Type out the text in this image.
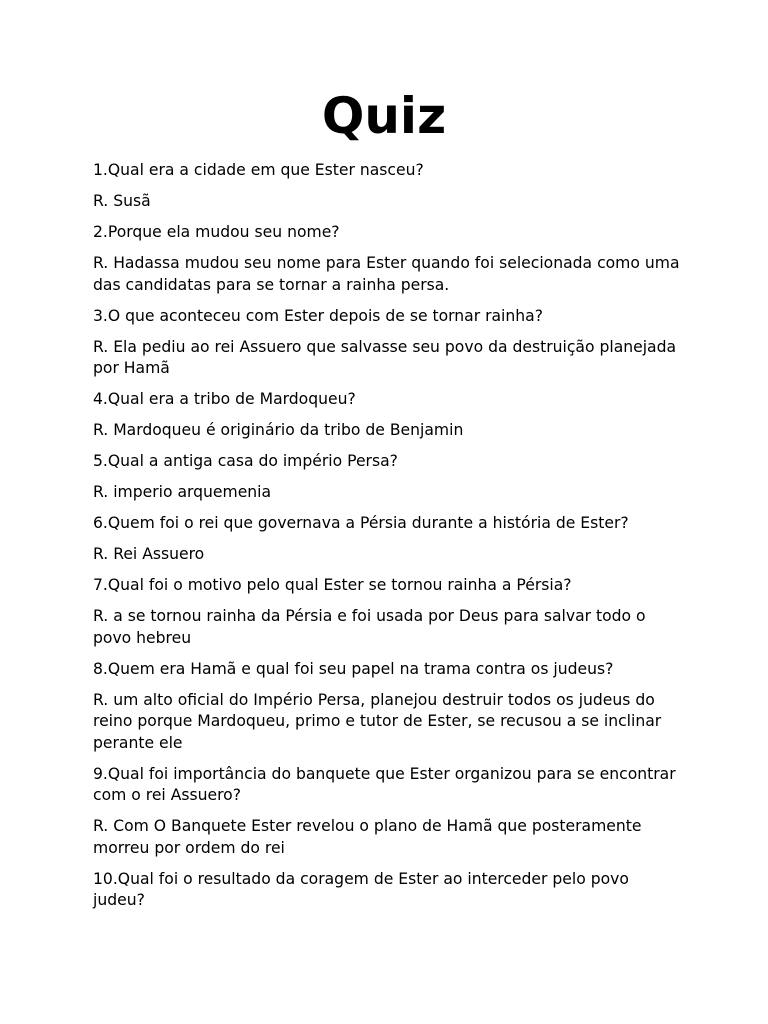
Quiz

1.Qual era a cidade em que Ester nasceu?

R. Susã

2.Porque ela mudou seu nome?

R. Hadassa mudou seu nome para Ester quando foi selecionada como uma das candidatas para se tornar a rainha persa.

3.O que aconteceu com Ester depois de se tornar rainha?

R. Ela pediu ao rei Assuero que salvasse seu povo da destruição planejada por Hamã

4.Qual era a tribo de Mardoqueu?

R. Mardoqueu é originário da tribo de Benjamin

5.Qual a antiga casa do império Persa?

R. imperio arquemenia

6.Quem foi o rei que governava a Pérsia durante a história de Ester?

R. Rei Assuero

7.Qual foi o motivo pelo qual Ester se tornou rainha a Pérsia?

R. a se tornou rainha da Pérsia e foi usada por Deus para salvar todo o povo hebreu

8.Quem era Hamã e qual foi seu papel na trama contra os judeus?

R. um alto oficial do Império Persa, planejou destruir todos os judeus do reino porque Mardoqueu, primo e tutor de Ester, se recusou a se inclinar perante ele

9.Qual foi importância do banquete que Ester organizou para se encontrar com o rei Assuero?

R. Com O Banquete Ester revelou o plano de Hamã que posteramente morreu por ordem do rei

10.Qual foi o resultado da coragem de Ester ao interceder pelo povo judeu?
